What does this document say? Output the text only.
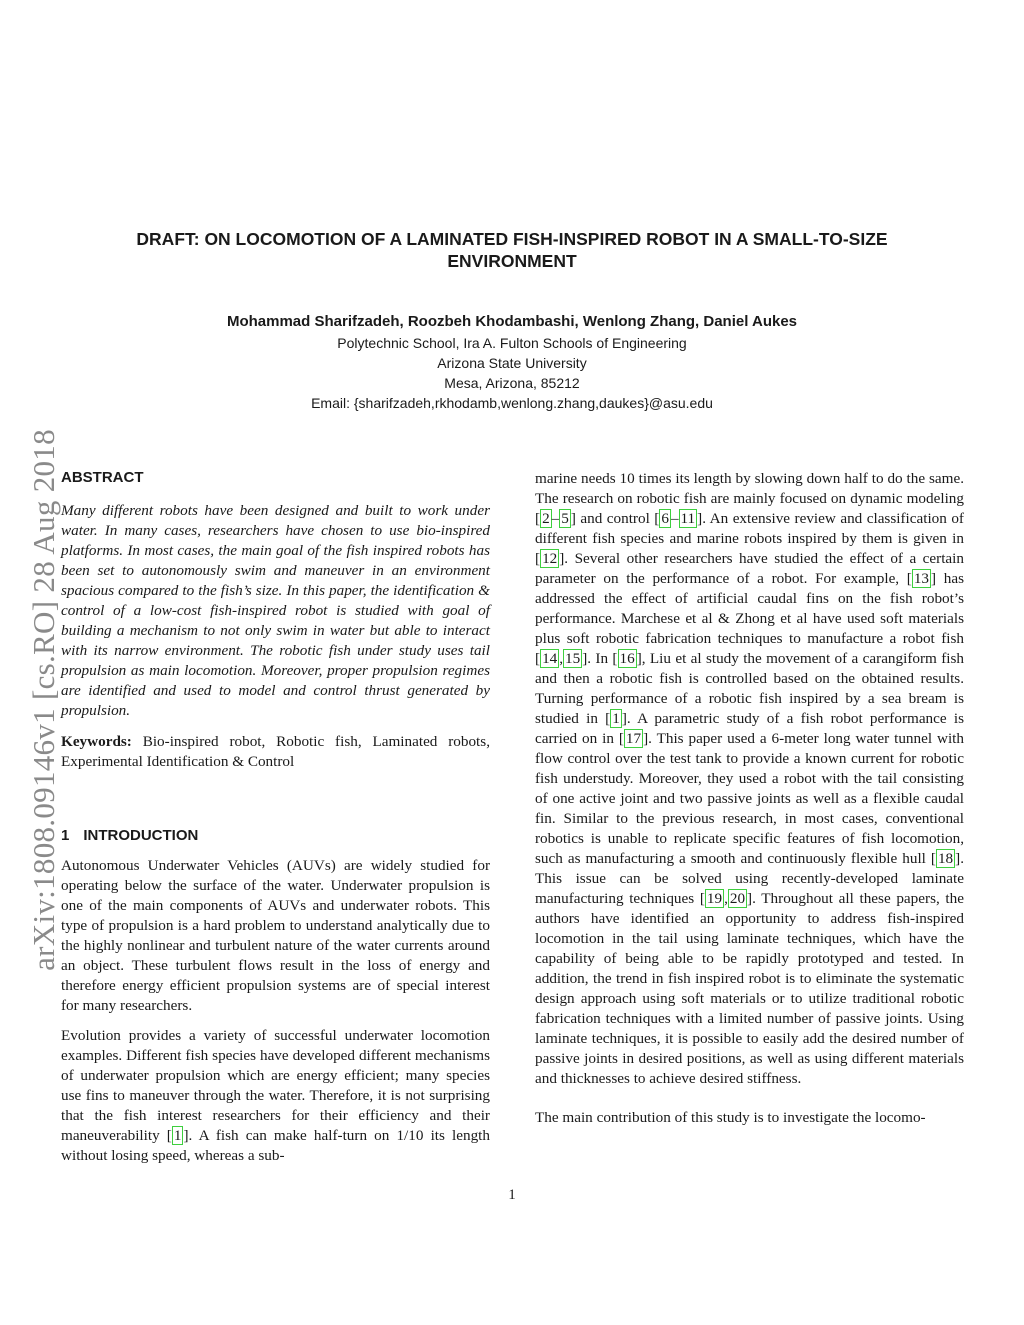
arXiv:1808.09146v1 [cs.RO] 28 Aug 2018
DRAFT: ON LOCOMOTION OF A LAMINATED FISH-INSPIRED ROBOT IN A SMALL-TO-SIZE ENVIRONMENT
Mohammad Sharifzadeh, Roozbeh Khodambashi, Wenlong Zhang, Daniel Aukes
Polytechnic School, Ira A. Fulton Schools of Engineering
Arizona State University
Mesa, Arizona, 85212
Email: {sharifzadeh,rkhodamb,wenlong.zhang,daukes}@asu.edu
ABSTRACT

Many different robots have been designed and built to work under water. In many cases, researchers have chosen to use bio-inspired platforms. In most cases, the main goal of the fish inspired robots has been set to autonomously swim and maneuver in an environment spacious compared to the fish’s size. In this paper, the identification & control of a low-cost fish-inspired robot is studied with goal of building a mechanism to not only swim in water but able to interact with its narrow environment. The robotic fish under study uses tail propulsion as main locomotion. Moreover, proper propulsion regimes are identified and used to model and control thrust generated by propulsion.

Keywords: Bio-inspired robot, Robotic fish, Laminated robots, Experimental Identification & Control

1 INTRODUCTION

Autonomous Underwater Vehicles (AUVs) are widely studied for operating below the surface of the water. Underwater propulsion is one of the main components of AUVs and underwater robots. This type of propulsion is a hard problem to understand analytically due to the highly nonlinear and turbulent nature of the water currents around an object. These turbulent flows result in the loss of energy and therefore energy efficient propulsion systems are of special interest for many researchers.

Evolution provides a variety of successful underwater locomotion examples. Different fish species have developed different mechanisms of underwater propulsion which are energy efficient; many species use fins to maneuver through the water. Therefore, it is not surprising that the fish interest researchers for their efficiency and their maneuverability [ 1 ]. A fish can make half-turn on 1/10 its length without losing speed, whereas a sub-

marine needs 10 times its length by slowing down half to do the same. The research on robotic fish are mainly focused on dynamic modeling [ 2 – 5 ] and control [ 6 – 11 ]. An extensive review and classification of different fish species and marine robots inspired by them is given in [ 12 ]. Several other researchers have studied the effect of a certain parameter on the performance of a robot. For example, [ 13 ] has addressed the effect of artificial caudal fins on the fish robot’s performance. Marchese et al & Zhong et al have used soft materials plus soft robotic fabrication techniques to manufacture a robot fish [ 14 , 15 ]. In [ 16 ], Liu et al study the movement of a carangiform fish and then a robotic fish is controlled based on the obtained results. Turning performance of a robotic fish inspired by a sea bream is studied in [ 1 ]. A parametric study of a fish robot performance is carried on in [ 17 ]. This paper used a 6-meter long water tunnel with flow control over the test tank to provide a known current for robotic fish understudy. Moreover, they used a robot with the tail consisting of one active joint and two passive joints as well as a flexible caudal fin. Similar to the previous research, in most cases, conventional robotics is unable to replicate specific features of fish locomotion, such as manufacturing a smooth and continuously flexible hull [ 18 ]. This issue can be solved using recently-developed laminate manufacturing techniques [ 19 , 20 ]. Throughout all these papers, the authors have identified an opportunity to address fish-inspired locomotion in the tail using laminate techniques, which have the capability of being able to be rapidly prototyped and tested. In addition, the trend in fish inspired robot is to eliminate the systematic design approach using soft materials or to utilize traditional robotic fabrication techniques with a limited number of passive joints. Using laminate techniques, it is possible to easily add the desired number of passive joints in desired positions, as well as using different materials and thicknesses to achieve desired stiffness.

The main contribution of this study is to investigate the locomo-

1
